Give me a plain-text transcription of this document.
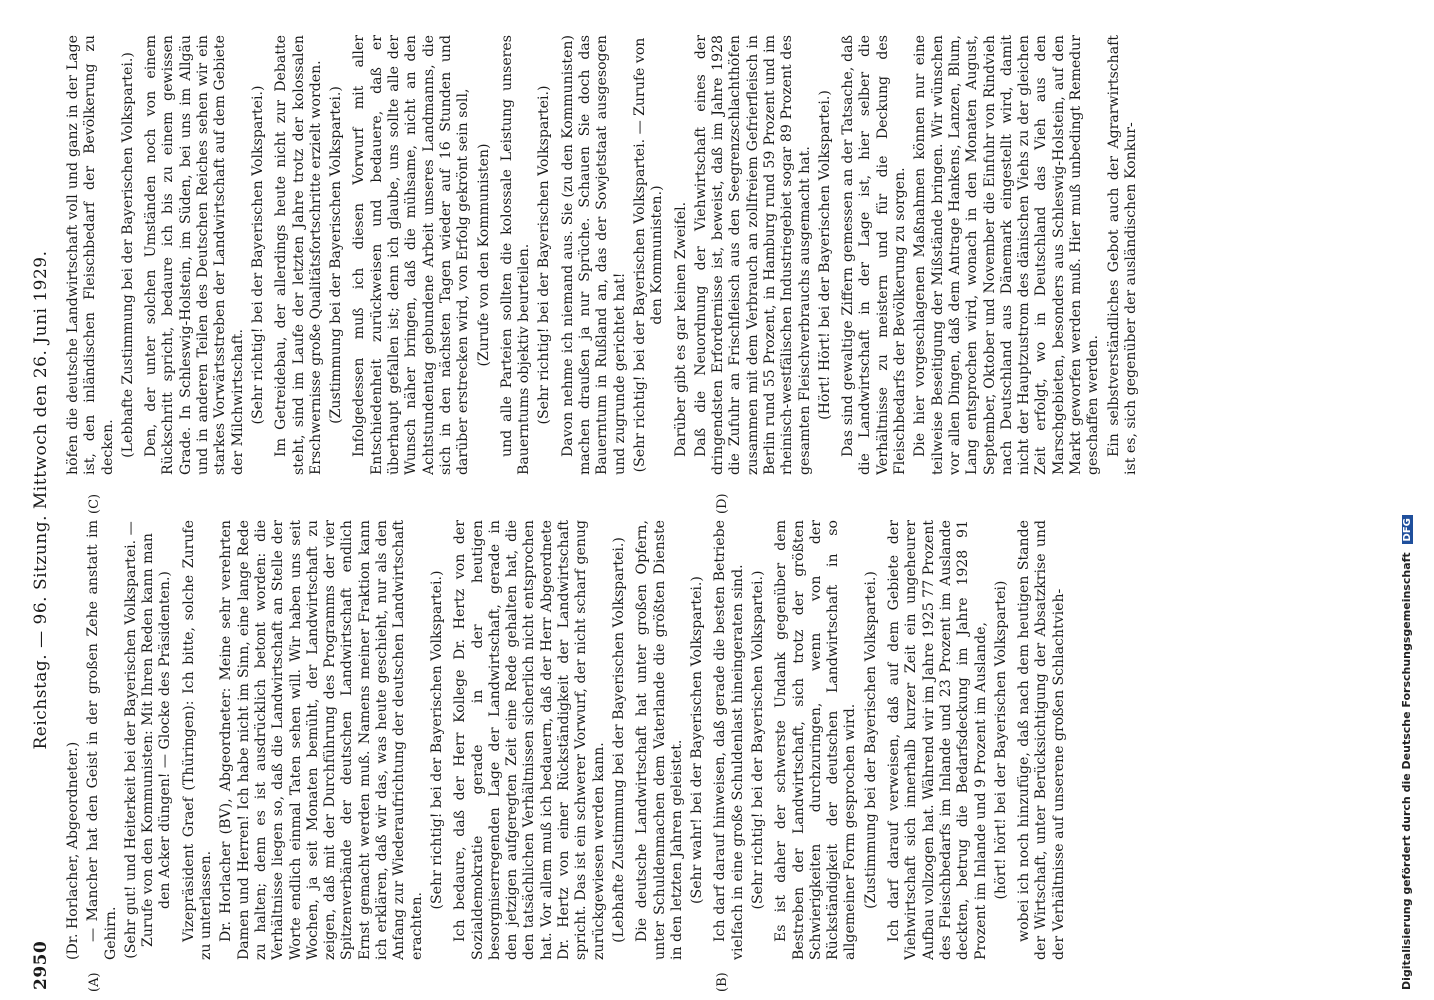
2950
Reichstag. — 96. Sitzung. Mittwoch den 26. Juni 1929.
(A)	(B)
(C)	(D)

(Dr. Horlacher, Abgeordneter.) — Mancher hat den Geist in der großen Zehe anstatt im Gehirn. (Sehr gut! und Heiterkeit bei der Bayerischen Volkspartei. — Zurufe von den Kommunisten: Mit Ihren Reden kann man den Acker düngen! — Glocke des Präsidenten.) Vizepräsident Graef (Thüringen): Ich bitte, solche Zurufe zu unterlassen. Dr. Horlacher (BV), Abgeordneter: Meine sehr verehrten Damen und Herren! Ich habe nicht im Sinn, eine lange Rede zu halten; denn es ist ausdrücklich betont worden: die Verhältnisse liegen so, daß die Landwirtschaft an Stelle der Worte endlich einmal Taten sehen will. Wir haben uns seit Wochen, ja seit Monaten bemüht, der Landwirtschaft zu zeigen, daß mit der Durchführung des Programms der vier Spitzenverbände der deutschen Landwirtschaft endlich Ernst gemacht werden muß. Namens meiner Fraktion kann ich erklären, daß wir das, was heute geschieht, nur als den Anfang zur Wiederaufrichtung der deutschen Landwirtschaft erachten.

(Sehr richtig! bei der Bayerischen Volkspartei.) Ich bedaure, daß der Herr Kollege Dr. Hertz von der Sozialdemokratie gerade in der heutigen besorgniserregenden Lage der Landwirtschaft, gerade in den jetzigen aufgeregten Zeit eine Rede gehalten hat, die den tatsächlichen Verhältnissen sicherlich nicht entsprochen hat. Vor allem muß ich bedauern, daß der Herr Abgeordnete Dr. Hertz von einer Rückständigkeit der Landwirtschaft spricht. Das ist ein schwerer Vorwurf, der nicht scharf genug zurückgewiesen werden kann. (Lebhafte Zustimmung bei der Bayerischen Volkspartei.) Die deutsche Landwirtschaft hat unter großen Opfern, unter Schuldenmachen dem Vaterlande die größten Dienste in den letzten Jahren geleistet. (Sehr wahr! bei der Bayerischen Volkspartei.) Ich darf darauf hinweisen, daß gerade die besten Betriebe vielfach in eine große Schuldenlast hineingeraten sind. (Sehr richtig! bei der Bayerischen Volkspartei.) Es ist daher der schwerste Undank gegenüber dem Bestreben der Landwirtschaft, sich trotz der größten Schwierigkeiten durchzuringen, wenn von der Rückständigkeit der deutschen Landwirtschaft in so allgemeiner Form gesprochen wird. (Zustimmung bei der Bayerischen Volkspartei.) Ich darf darauf verweisen, daß auf dem Gebiete der Viehwirtschaft sich innerhalb kurzer Zeit ein ungeheurer Aufbau vollzogen hat. Während wir im Jahre 1925 77 Prozent des Fleischbedarfs im Inlande und 23 Prozent im Auslande deckten, betrug die Bedarfsdeckung im Jahre 1928 91 Prozent im Inlande und 9 Prozent im Auslande, (hört! hört! bei der Bayerischen Volkspartei) wobei ich noch hinzufüge, daß nach dem heutigen Stande der Wirtschaft, unter Berücksichtigung der Absatzkrise und der Verhältnisse auf unserene großen Schlachtvieh-

höfen die deutsche Landwirtschaft voll und ganz in der Lage ist, den inländischen Fleischbedarf der Bevölkerung zu decken. (Lebhafte Zustimmung bei der Bayerischen Volkspartei.) Den, der unter solchen Umständen noch von einem Rückschritt spricht, bedaure ich bis zu einem gewissen Grade. In Schleswig-Holstein, im Süden, bei uns im Allgäu und in anderen Teilen des Deutschen Reiches sehen wir ein starkes Vorwärtsstreben der Landwirtschaft auf dem Gebiete der Milchwirtschaft. (Sehr richtig! bei der Bayerischen Volkspartei.) Im Getreidebau, der allerdings heute nicht zur Debatte steht, sind im Laufe der letzten Jahre trotz der kolossalen Erschwernisse große Qualitätsfortschritte erzielt worden. (Zustimmung bei der Bayerischen Volkspartei.) Infolgedessen muß ich diesen Vorwurf mit aller Entschiedenheit zurückweisen und bedauere, daß er überhaupt gefallen ist; denn ich glaube, uns sollte alle der Wunsch näher bringen, daß die mühsame, nicht an den Achtstundentag gebundene Arbeit unseres Landmanns, die sich in den nächsten Tagen wieder auf 16 Stunden und darüber erstrecken wird, von Erfolg gekrönt sein soll, (Zurufe von den Kommunisten) und alle Parteien sollten die kolossale Leistung unseres Bauerntums objektiv beurteilen. (Sehr richtig! bei der Bayerischen Volkspartei.) Davon nehme ich niemand aus. Sie (zu den Kommunisten) machen draußen ja nur Sprüche. Schauen Sie doch das Bauerntum in Rußland an, das der Sowjetstaat ausgesogen und zugrunde gerichtet hat! (Sehr richtig! bei der Bayerischen Volkspartei. — Zurufe von den Kommunisten.) Darüber gibt es gar keinen Zweifel. Daß die Neuordnung der Viehwirtschaft eines der dringendsten Erfordernisse ist, beweist, daß im Jahre 1928 die Zufuhr an Frischfleisch aus den Seegrenzschlachthöfen zusammen mit dem Verbrauch an zollfreiem Gefrierfleisch in Berlin rund 55 Prozent, in Hamburg rund 59 Prozent und im rheinisch-westfälischen Industriegebiet sogar 89 Prozent des gesamten Fleischverbrauchs ausgemacht hat. (Hört! Hört! bei der Bayerischen Volkspartei.) Das sind gewaltige Ziffern gemessen an der Tatsache, daß die Landwirtschaft in der Lage ist, hier selber die Verhältnisse zu meistern und für die Deckung des Fleischbedarfs der Bevölkerung zu sorgen. Die hier vorgeschlagenen Maßnahmen können nur eine teilweise Beseitigung der Mißstände bringen. Wir wünschen vor allen Dingen, daß dem Antrage Hankens, Lanzen, Blum, Lang entsprochen wird, wonach in den Monaten August, September, Oktober und November die Einfuhr von Rindvieh nach Deutschland aus Dänemark eingestellt wird, damit nicht der Hauptzustrom des dänischen Viehs zu der gleichen Zeit erfolgt, wo in Deutschland das Vieh aus den Marschgebieten, besonders aus Schleswig-Holstein, auf den Markt geworfen werden muß. Hier muß unbedingt Remedur geschaffen werden. Ein selbstverständliches Gebot auch der Agrarwirtschaft ist es, sich gegenüber der ausländischen Konkur-

Digitalisierung gefördert durch die Deutsche Forschungsgemeinschaft DFG
